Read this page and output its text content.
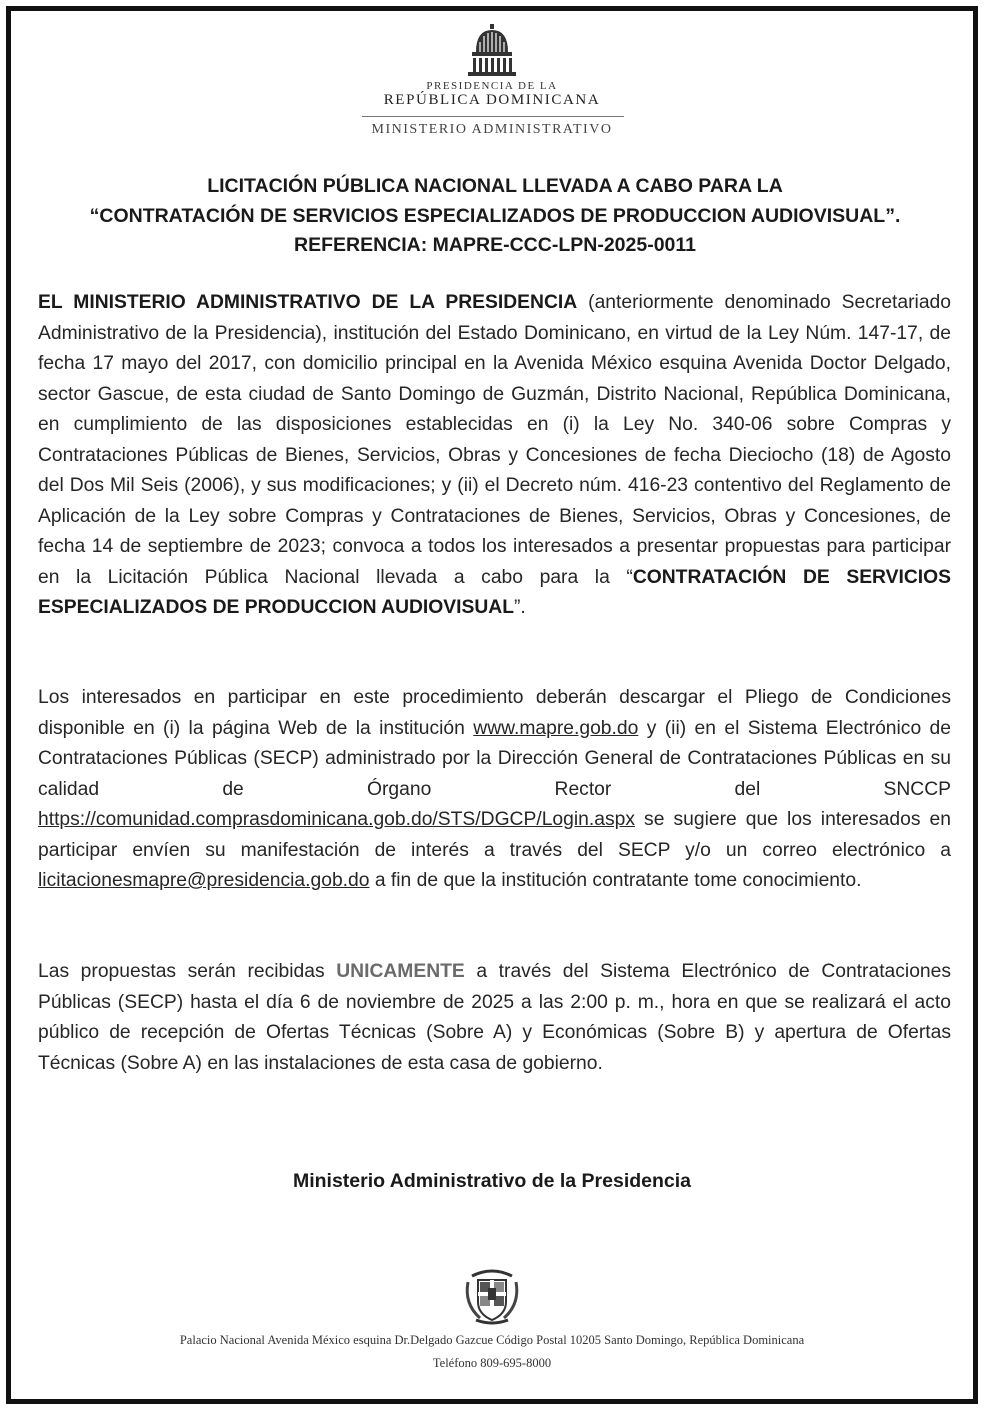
PRESIDENCIA DE LA
REPÚBLICA DOMINICANA
MINISTERIO ADMINISTRATIVO
LICITACIÓN PÚBLICA NACIONAL LLEVADA A CABO PARA LA
“CONTRATACIÓN DE SERVICIOS ESPECIALIZADOS DE PRODUCCION AUDIOVISUAL”.
REFERENCIA: MAPRE-CCC-LPN-2025-0011
EL MINISTERIO ADMINISTRATIVO DE LA PRESIDENCIA (anteriormente denominado Secretariado Administrativo de la Presidencia), institución del Estado Dominicano, en virtud de la Ley Núm. 147-17, de fecha 17 mayo del 2017, con domicilio principal en la Avenida México esquina Avenida Doctor Delgado, sector Gascue, de esta ciudad de Santo Domingo de Guzmán, Distrito Nacional, República Dominicana, en cumplimiento de las disposiciones establecidas en (i) la Ley No. 340-06 sobre Compras y Contrataciones Públicas de Bienes, Servicios, Obras y Concesiones de fecha Dieciocho (18) de Agosto del Dos Mil Seis (2006), y sus modificaciones; y (ii) el Decreto núm. 416-23 contentivo del Reglamento de Aplicación de la Ley sobre Compras y Contrataciones de Bienes, Servicios, Obras y Concesiones, de fecha 14 de septiembre de 2023; convoca a todos los interesados a presentar propuestas para participar en la Licitación Pública Nacional llevada a cabo para la “CONTRATACIÓN DE SERVICIOS ESPECIALIZADOS DE PRODUCCION AUDIOVISUAL”.
Los interesados en participar en este procedimiento deberán descargar el Pliego de Condiciones disponible en (i) la página Web de la institución www.mapre.gob.do y (ii) en el Sistema Electrónico de Contrataciones Públicas (SECP) administrado por la Dirección General de Contrataciones Públicas en su calidad de Órgano Rector del SNCCP https://comunidad.comprasdominicana.gob.do/STS/DGCP/Login.aspx se sugiere que los interesados en participar envíen su manifestación de interés a través del SECP y/o un correo electrónico a licitacionesmapre@presidencia.gob.do a fin de que la institución contratante tome conocimiento.
Las propuestas serán recibidas UNICAMENTE a través del Sistema Electrónico de Contrataciones Públicas (SECP) hasta el día 6 de noviembre de 2025 a las 2:00 p. m., hora en que se realizará el acto público de recepción de Ofertas Técnicas (Sobre A) y Económicas (Sobre B) y apertura de Ofertas Técnicas (Sobre A) en las instalaciones de esta casa de gobierno.
Ministerio Administrativo de la Presidencia
Palacio Nacional Avenida México esquina Dr.Delgado Gazcue Código Postal 10205 Santo Domingo, República Dominicana
Teléfono 809-695-8000
